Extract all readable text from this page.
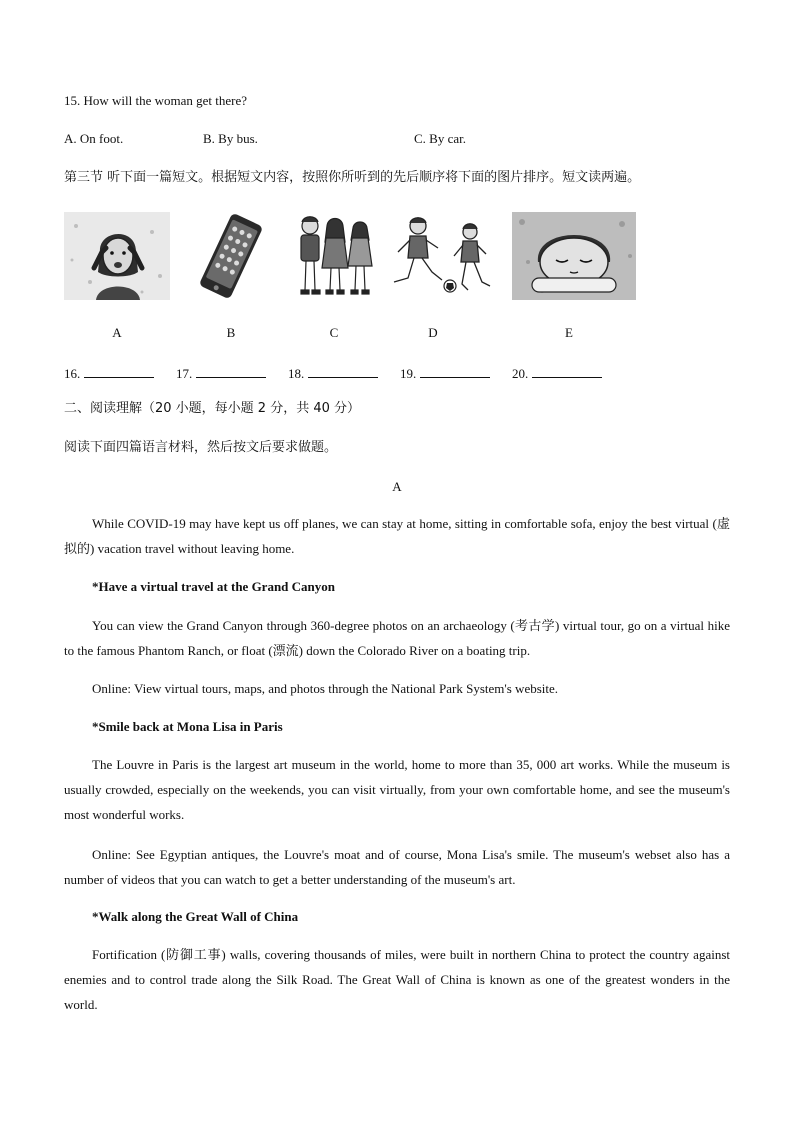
15. How will the woman get there?
A. On foot.	B. By bus.	C. By car.
第三节 听下面一篇短文。根据短文内容，按照你所听到的先后顺序将下面的图片排序。短文读两遍。
A	B	C	D	E
16.	17.	18.	19.	20.
二、阅读理解（20 小题，每小题 2 分，共 40 分）
阅读下面四篇语言材料，然后按文后要求做题。
A
While COVID-19 may have kept us off planes, we can stay at home, sitting in comfortable sofa, enjoy the best virtual (虚拟的) vacation travel without leaving home.
*Have a virtual travel at the Grand Canyon
You can view the Grand Canyon through 360-degree photos on an archaeology (考古学) virtual tour, go on a virtual hike to the famous Phantom Ranch, or float (漂流) down the Colorado River on a boating trip.
Online: View virtual tours, maps, and photos through the National Park System's website.
*Smile back at Mona Lisa in Paris
The Louvre in Paris is the largest art museum in the world, home to more than 35, 000 art works. While the museum is usually crowded, especially on the weekends, you can visit virtually, from your own comfortable home, and see the museum's most wonderful works.
Online: See Egyptian antiques, the Louvre's moat and of course, Mona Lisa's smile. The museum's webset also has a number of videos that you can watch to get a better understanding of the museum's art.
*Walk along the Great Wall of China
Fortification (防御工事) walls, covering thousands of miles, were built in northern China to protect the country against enemies and to control trade along the Silk Road. The Great Wall of China is known as one of the greatest wonders in the world.
